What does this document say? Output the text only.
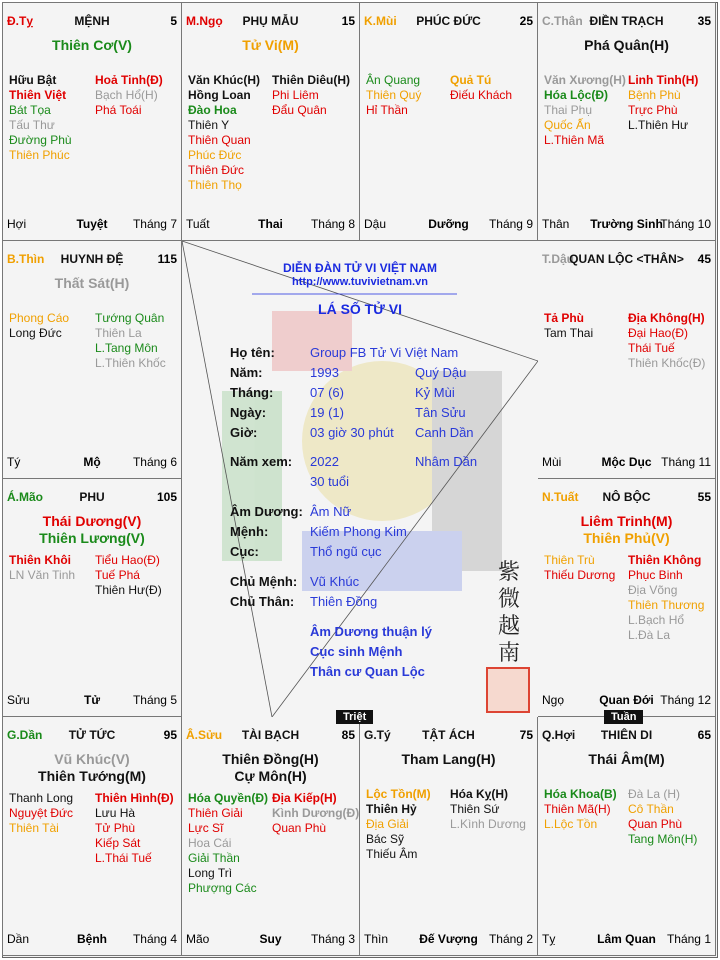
DIỄN ĐÀN TỬ VI VIỆT NAM
http://www.tuvivietnam.vn
LÁ SỐ TỬ VI
Họ tên:	Group FB Tử Vi Việt Nam
Năm:	1993	Quý Dậu
Tháng:	07 (6)	Kỷ Mùi
Ngày:	19 (1)	Tân Sửu
Giờ:	03 giờ 30 phút Canh Dần
Năm xem: 2022	Nhâm Dần
30 tuổi
Âm Dương: Âm Nữ
Mệnh:	Kiếm Phong Kim
Cục:	Thổ ngũ cục
Chủ Mệnh: Vũ Khúc
Chủ Thân: Thiên Đồng
Âm Dương thuận lý
Cục sinh Mệnh
Thân cư Quan Lộc
紫
微
越
南
Đ.Tỵ	MỆNH	5
Thiên Cơ(V)
Hữu Bật
Thiên Việt
Bát Tọa
Tấu Thư
Đường Phù
Thiên Phúc
Hoả Tinh(Đ)
Bạch Hổ(H)
Phá Toái
Hợi	Tuyệt	Tháng 7
M.Ngọ	PHỤ MẪU	15
Tử Vi(M)
Văn Khúc(H)
Hồng Loan
Đào Hoa
Thiên Y
Thiên Quan
Phúc Đức
Thiên Đức
Thiên Thọ
Thiên Diêu(H)
Phi Liêm
Đẩu Quân
Tuất	Thai	Tháng 8
K.Mùi	PHÚC ĐỨC	25
Ân Quang
Thiên Quý
Hỉ Thần
Quả Tú
Điếu Khách
Dậu	Dưỡng	Tháng 9
C.Thân ĐIỀN TRẠCH	35
Phá Quân(H)
Văn Xương(H)
Hóa Lộc(Đ)
Thai Phụ
Quốc Ấn
L.Thiên Mã
Linh Tinh(H)
Bệnh Phù
Trực Phù
L.Thiên Hư
Thân	Trường Sinh
Tháng 10
B.Thìn	HUYNH ĐỆ	115
Thất Sát(H)
Phong Cáo
Long Đức
Tướng Quân
Thiên La
L.Tang Môn
L.Thiên Khốc
Tý	Mộ	Tháng 6
T.Dậu
QUAN LỘC <THÂN>	45
Tả Phù
Tam Thai
Địa Không(H)
Đại Hao(Đ)
Thái Tuế
Thiên Khốc(Đ)
Mùi	Mộc Dục Tháng 11
Á.Mão	PHU	105
Thái Dương(V)
Thiên Lương(V)
Thiên Khôi
LN Văn Tinh
Tiểu Hao(Đ)
Tuế Phá
Thiên Hư(Đ)
Sửu	Tử	Tháng 5
N.Tuất	NÔ BỘC	55
Liêm Trinh(M)
Thiên Phủ(V)
Thiên Trù
Thiếu Dương
Thiên Không
Phục Binh
Địa Võng
Thiên Thương
L.Bạch Hổ
L.Đà La
Ngọ	Quan Đới Tháng 12
G.Dần	TỬ TỨC	95
Vũ Khúc(V)
Thiên Tướng(M)
Thanh Long
Nguyệt Đức
Thiên Tài
Thiên Hình(Đ)
Lưu Hà
Tử Phù
Kiếp Sát
L.Thái Tuế
Dần	Bệnh	Tháng 4
Â.Sửu	TÀI BẠCH	85
Thiên Đồng(H)
Cự Môn(H)
Hóa Quyền(Đ)
Thiên Giải
Lực Sĩ
Hoa Cái
Giải Thần
Long Trì
Phượng Các
Địa Kiếp(H)
Kình Dương(Đ)
Quan Phù
Mão	Suy	Tháng 3
G.Tý	TẬT ÁCH	75
Tham Lang(H)
Lộc Tồn(M)
Thiên Hỷ
Địa Giải
Bác Sỹ
Thiếu Âm
Hóa Kỵ(H)
Thiên Sứ
L.Kình Dương
Thìn	Đế Vượng Tháng 2
Q.Hợi	THIÊN DI	65
Thái Âm(M)
Hóa Khoa(B)
Thiên Mã(H)
L.Lộc Tồn
Đà La (H)
Cô Thần
Quan Phù
Tang Môn(H)
Tỵ	Lâm Quan Tháng 1
Triệt	Tuần
